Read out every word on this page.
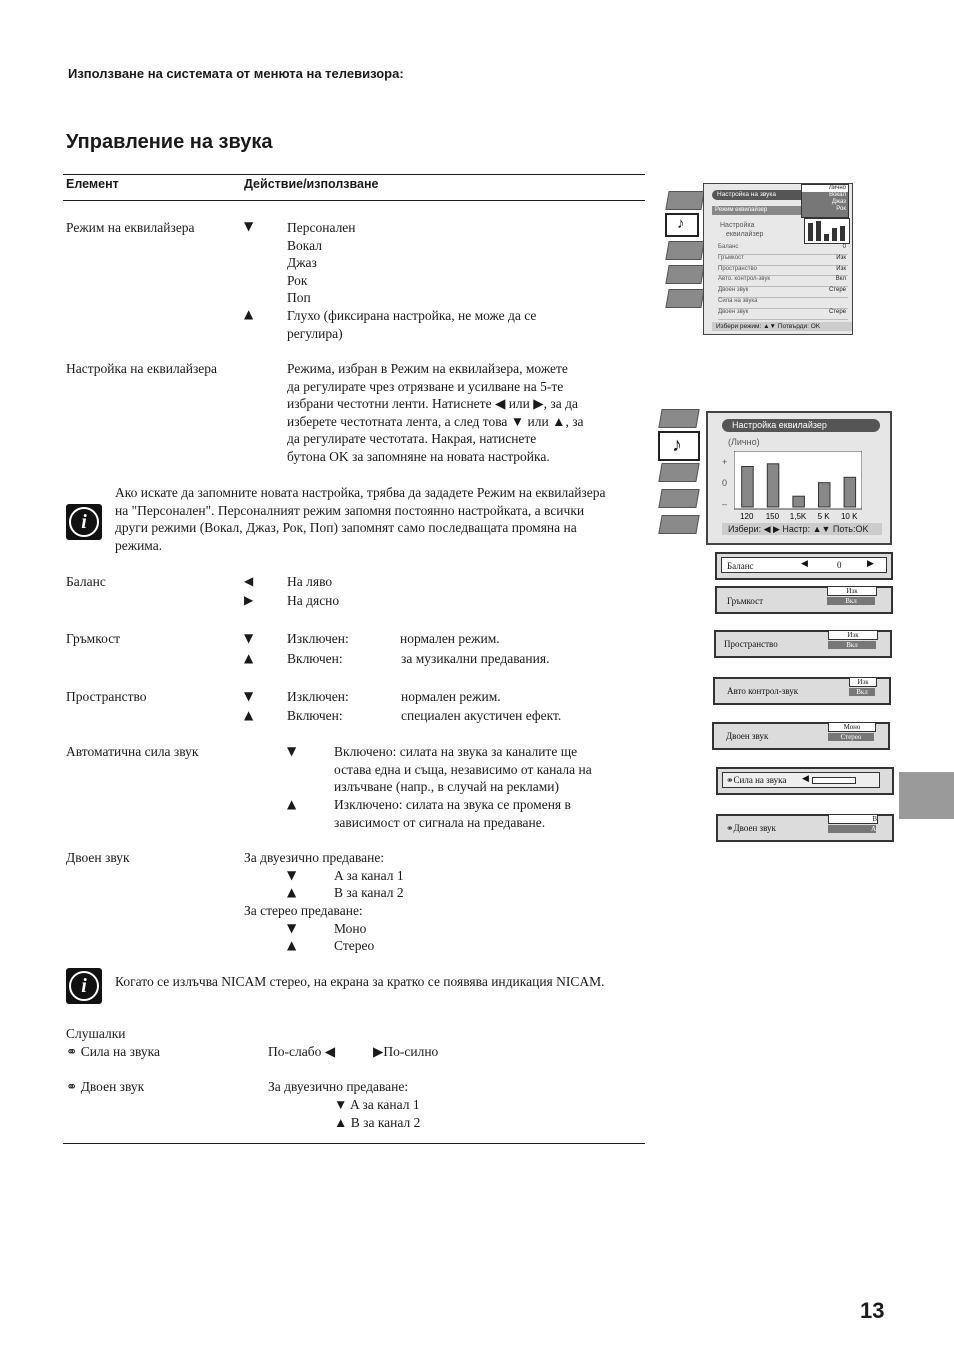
Използване на системата от менюта на телевизора:
Управление на звука
Елемент	Действие/използване
Режим на еквилайзера	▼	Персонален
Вокал
Джаз
Рок
Поп
▲	Глухо (фиксирана настройка, не може да се
регулира)
Настройка на еквилайзера	Режима, избран в Режим на еквилайзера, можете
да регулирате чрез отрязване и усилване на 5-те
избрани честотни ленти. Натиснете ◀ или ▶, за да
изберете честотната лента, а след това ▼ или ▲, за
да регулирате честотата. Накрая, натиснете
бутона OK за запомняне на новата настройка.
i
Ако искате да запомните новата настройка, трябва да зададете Режим на еквилайзера
на "Персонален". Персоналният режим запомня постоянно настройката, а всички
други режими (Вокал, Джаз, Рок, Поп) запомнят само последващата промяна на
режима.
Баланс	◀	На ляво
▶	На дясно
Гръмкост	▼	Изключен:	нормален режим.
▲	Включен:	за музикални предавания.
Пространство	▼	Изключен:	нормален режим.
▲	Включен:	специален акустичен ефект.
Автоматична сила звук	▼	Включено: силата на звука за каналите ще
остава една и съща, независимо от канала на
излъчване (напр., в случай на реклами)
▲	Изключено: силата на звука се променя в
зависимост от сигнала на предаване.
Двоен звук	За двуезично предаване:
▼	A за канал 1
▲	B за канал 2
За стерео предаване:
▼	Моно
▲	Стерео
i	Когато се излъчва NICAM стерео, на екрана за кратко се появява индикация NICAM.
Слушалки
⚭ Сила на звука	По-слабо ◀	▶По-силно
⚭ Двоен звук	За двуезично предаване:
▼ A за канал 1
▲ B за канал 2
♪
Настройка на звука
Режим еквилайзер
Лично
Вокал
Джаз
Рок
Настройка
еквилайзер
Баланс	0
Гръмкост	Изк
Пространство	Изк
Авто. контрол-звук	Вкл
Двоен звук	Стере
Сила на звука
Двоен звук	Стере
Избери режим: ▲▼ Потвърди: OK
♪
Настройка еквилайзер
(Лично)
+
0
–
120 150 1,5K 5 K 10 K
Избери: ◀ ▶ Настр: ▲▼ Поть:OK
Баланс	◀	0	▶
Гръмкост
Изк
Вкл
Пространство
Изк
Вкл
Авто контрол-звук
Изк
Вкл
Двоен звук
Моно
Стерео
⚭Сила на звука ◀
⚭Двоен звук
B
A
13
